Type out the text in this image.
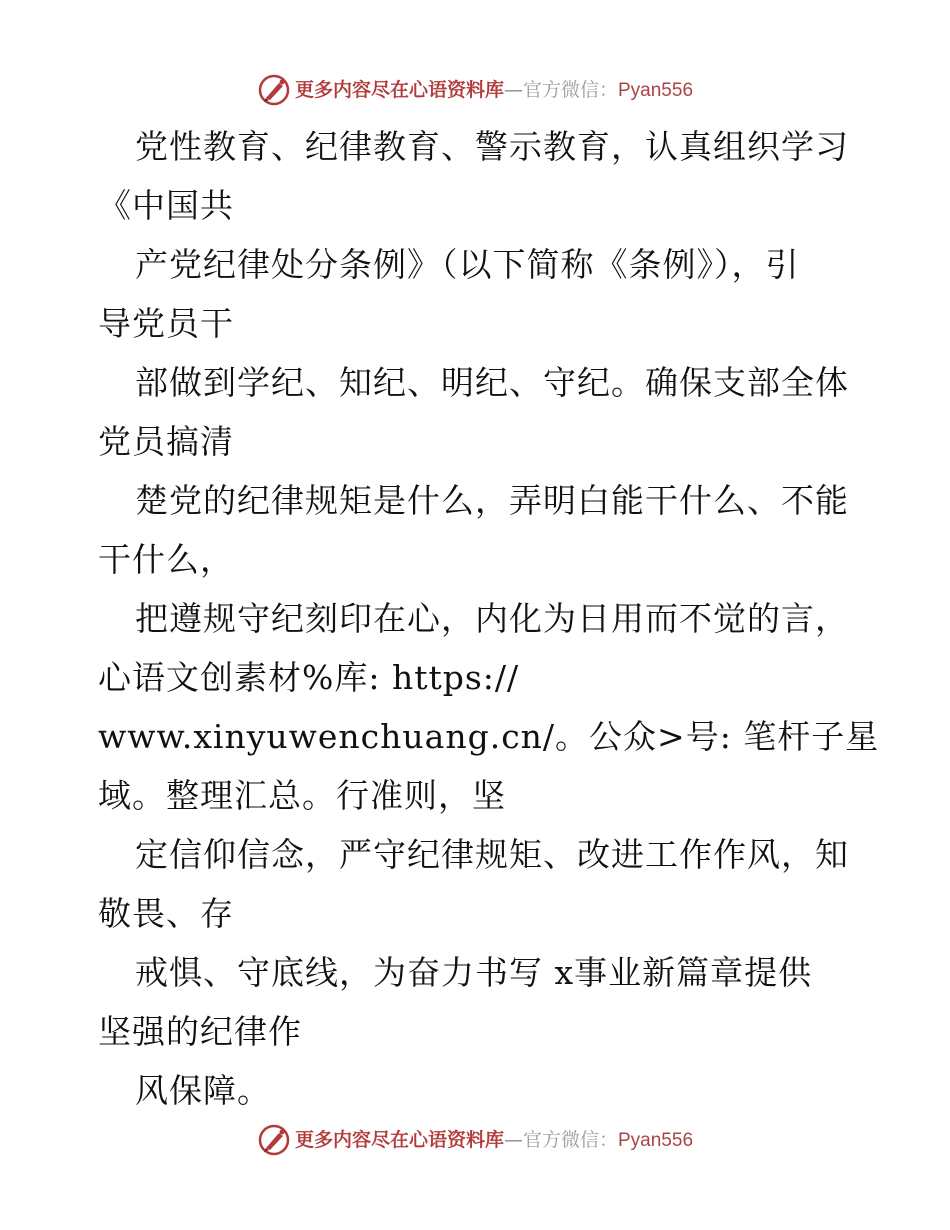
更多内容尽在心语资料库—官方微信：Pyan556
党性教育、纪律教育、警示教育，认真组织学习
《中国共
产党纪律处分条例》（以下简称《条例》），引
导党员干
部做到学纪、知纪、明纪、守纪。确保支部全体
党员搞清
楚党的纪律规矩是什么，弄明白能干什么、不能
干什么，
把遵规守纪刻印在心，内化为日用而不觉的言，
心语文创素材%库: https://
www.xinyuwenchuang.cn/。公众>号: 笔杆子星
域。整理汇总。行准则，坚
定信仰信念，严守纪律规矩、改进工作作风，知
敬畏、存
戒惧、守底线，为奋力书写 x事业新篇章提供
坚强的纪律作
风保障。
更多内容尽在心语资料库—官方微信：Pyan556
